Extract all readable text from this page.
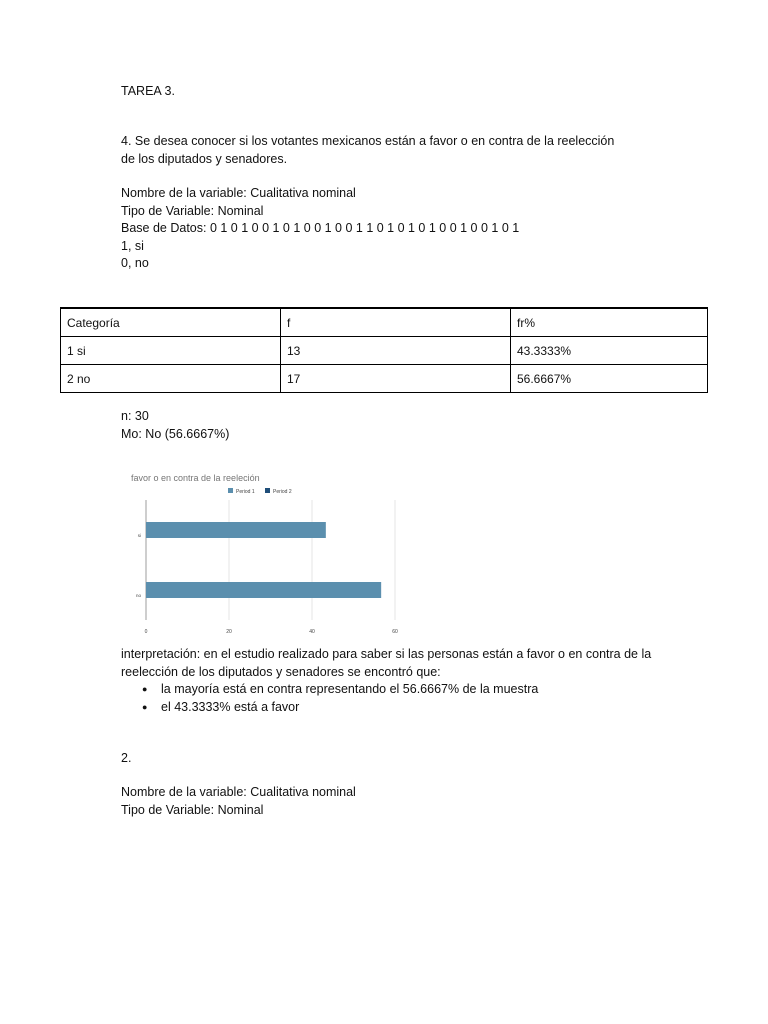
TAREA 3.
4. Se desea conocer si los votantes mexicanos están a favor o en contra de la reelección
de los diputados y senadores.
Nombre de la variable: Cualitativa nominal
Tipo de Variable: Nominal
Base de Datos: 0 1 0 1 0 0 1 0 1 0 0 1 0 0 1 1 0 1 0 1 0 1 0 0 1 0 0 1 0 1
1, si
0, no
Categoría	f	fr%
1 si	13	43.3333%
2 no	17	56.6667%
n: 30
Mo: No (56.6667%)
favor o en contra de la reeleción
Period 1	Period 2
0	20	40	60
si
no
interpretación: en el estudio realizado para saber si las personas están a favor o en contra de la
reelección de los diputados y senadores se encontró que:
● la mayoría está en contra representando el 56.6667% de la muestra
● el 43.3333% está a favor
2.
Nombre de la variable: Cualitativa nominal
Tipo de Variable: Nominal
